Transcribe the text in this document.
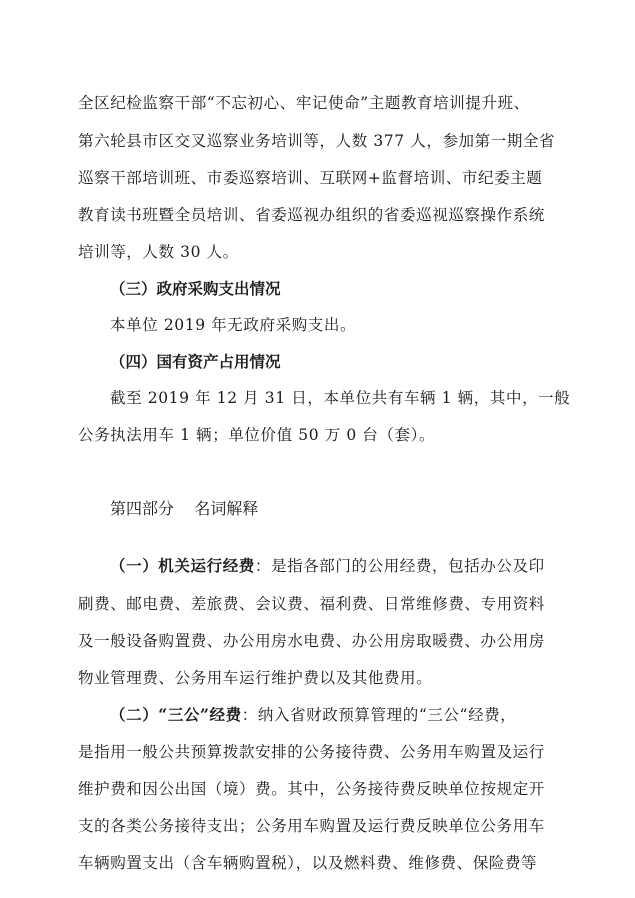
全区纪检监察干部“不忘初心、牢记使命”主题教育培训提升班、
第六轮县市区交叉巡察业务培训等，人数 377 人，参加第一期全省
巡察干部培训班、市委巡察培训、互联网+监督培训、市纪委主题
教育读书班暨全员培训、省委巡视办组织的省委巡视巡察操作系统
培训等，人数 30 人。
（三）政府采购支出情况
本单位 2019 年无政府采购支出。
（四）国有资产占用情况
截至 2019 年 12 月 31 日，本单位共有车辆 1 辆，其中，一般
公务执法用车 1 辆；单位价值 50 万 0 台（套）。
第四部分    名词解释
（一）机关运行经费：是指各部门的公用经费，包括办公及印
刷费、邮电费、差旅费、会议费、福利费、日常维修费、专用资料
及一般设备购置费、办公用房水电费、办公用房取暖费、办公用房
物业管理费、公务用车运行维护费以及其他费用。
（二）“三公”经费：纳入省财政预算管理的“三公“经费，
是指用一般公共预算拨款安排的公务接待费、公务用车购置及运行
维护费和因公出国（境）费。其中，公务接待费反映单位按规定开
支的各类公务接待支出；公务用车购置及运行费反映单位公务用车
车辆购置支出（含车辆购置税），以及燃料费、维修费、保险费等
